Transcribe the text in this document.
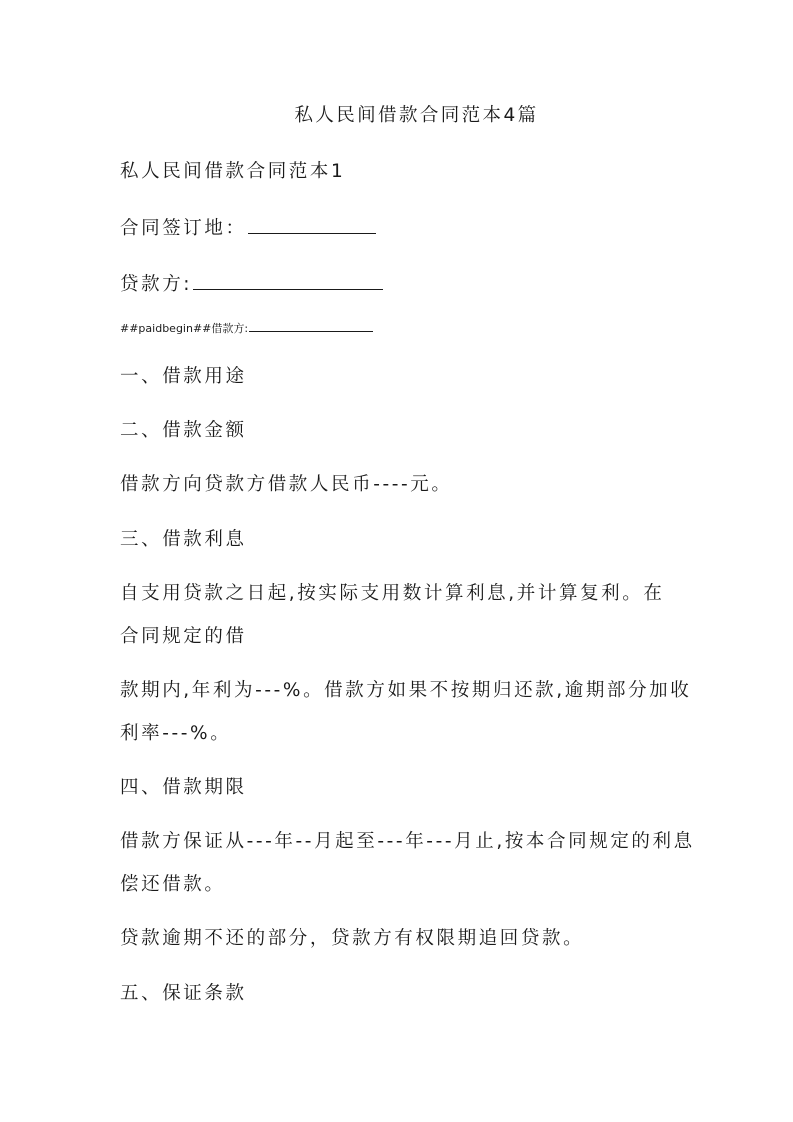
私人民间借款合同范本4篇
私人民间借款合同范本1
合同签订地：
贷款方:
##paidbegin##借款方:
一、借款用途
二、借款金额
借款方向贷款方借款人民币----元。
三、借款利息
自支用贷款之日起,按实际支用数计算利息,并计算复利。在
合同规定的借
款期内,年利为---%。借款方如果不按期归还款,逾期部分加收
利率---%。
四、借款期限
借款方保证从---年--月起至---年---月止,按本合同规定的利息
偿还借款。
贷款逾期不还的部分，贷款方有权限期追回贷款。
五、保证条款
